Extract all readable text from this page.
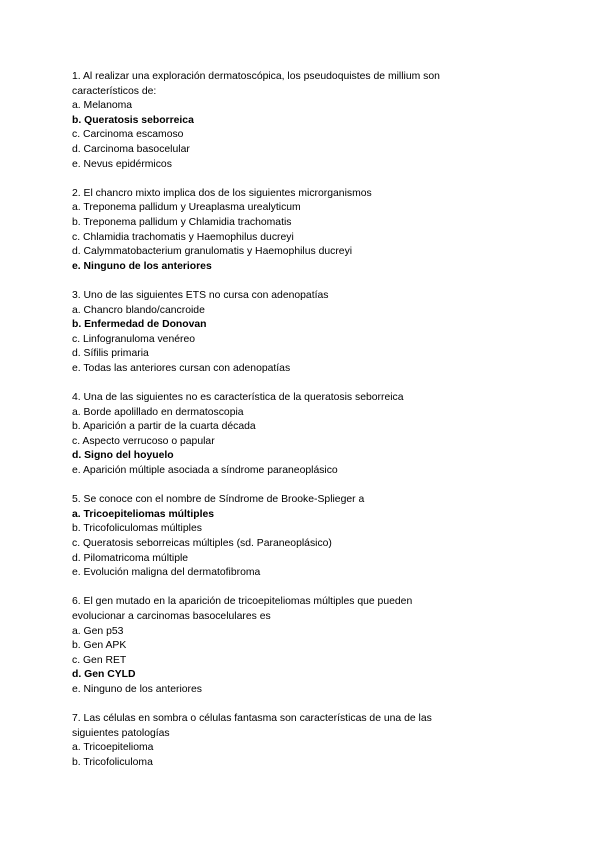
1. Al realizar una exploración dermatoscópica, los pseudoquistes de millium son característicos de:
a. Melanoma
b. Queratosis seborreica
c. Carcinoma escamoso
d. Carcinoma basocelular
e. Nevus epidérmicos
2. El chancro mixto implica dos de los siguientes microrganismos
a. Treponema pallidum y Ureaplasma urealyticum
b. Treponema pallidum y Chlamidia trachomatis
c. Chlamidia trachomatis y Haemophilus ducreyi
d. Calymmatobacterium granulomatis y Haemophilus ducreyi
e. Ninguno de los anteriores
3. Uno de las siguientes ETS no cursa con adenopatías
a. Chancro blando/cancroide
b. Enfermedad de Donovan
c. Linfogranuloma venéreo
d. Sífilis primaria
e. Todas las anteriores cursan con adenopatías
4. Una de las siguientes no es característica de la queratosis seborreica
a. Borde apolillado en dermatoscopia
b. Aparición a partir de la cuarta década
c. Aspecto verrucoso o papular
d. Signo del hoyuelo
e. Aparición múltiple asociada a síndrome paraneoplásico
5. Se conoce con el nombre de Síndrome de Brooke-Splieger a
a. Tricoepiteliomas múltiples
b. Tricofoliculomas múltiples
c. Queratosis seborreicas múltiples (sd. Paraneoplásico)
d. Pilomatricoma múltiple
e. Evolución maligna del dermatofibroma
6. El gen mutado en la aparición de tricoepiteliomas múltiples que pueden evolucionar a carcinomas basocelulares es
a. Gen p53
b. Gen APK
c. Gen RET
d. Gen CYLD
e. Ninguno de los anteriores
7. Las células en sombra o células fantasma son características de una de las siguientes patologías
a. Tricoepitelioma
b. Tricofoliculoma
